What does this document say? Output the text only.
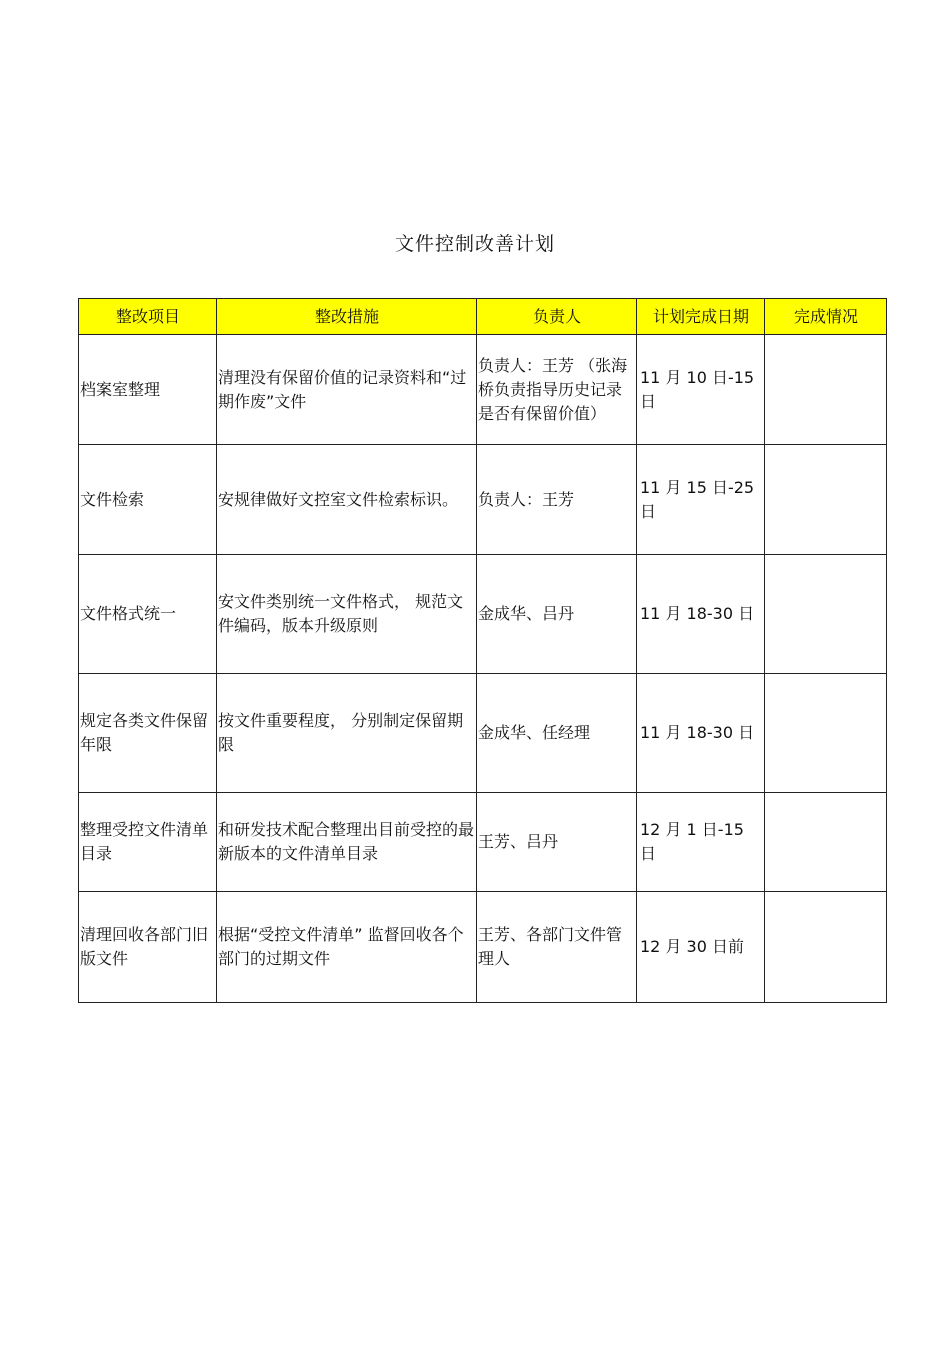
文件控制改善计划
整改项目	整改措施	负责人	计划完成日期	完成情况
档案室整理	清理没有保留价值的记录资料和“过期作废”文件	负责人：王芳 （张海桥负责指导历史记录是否有保留价值）	11 月 10 日-15 日	
文件检索	安规律做好文控室文件检索标识。	负责人：王芳	11 月 15 日-25 日	
文件格式统一	安文件类别统一文件格式， 规范文件编码，版本升级原则	金成华、吕丹	11 月 18-30 日	
规定各类文件保留年限	按文件重要程度， 分别制定保留期限	金成华、任经理	11 月 18-30 日	
整理受控文件清单目录	和研发技术配合整理出目前受控的最新版本的文件清单目录	王芳、吕丹	12 月 1 日-15 日	
清理回收各部门旧版文件	根据“受控文件清单” 监督回收各个部门的过期文件	王芳、各部门文件管理人	12 月 30 日前	
